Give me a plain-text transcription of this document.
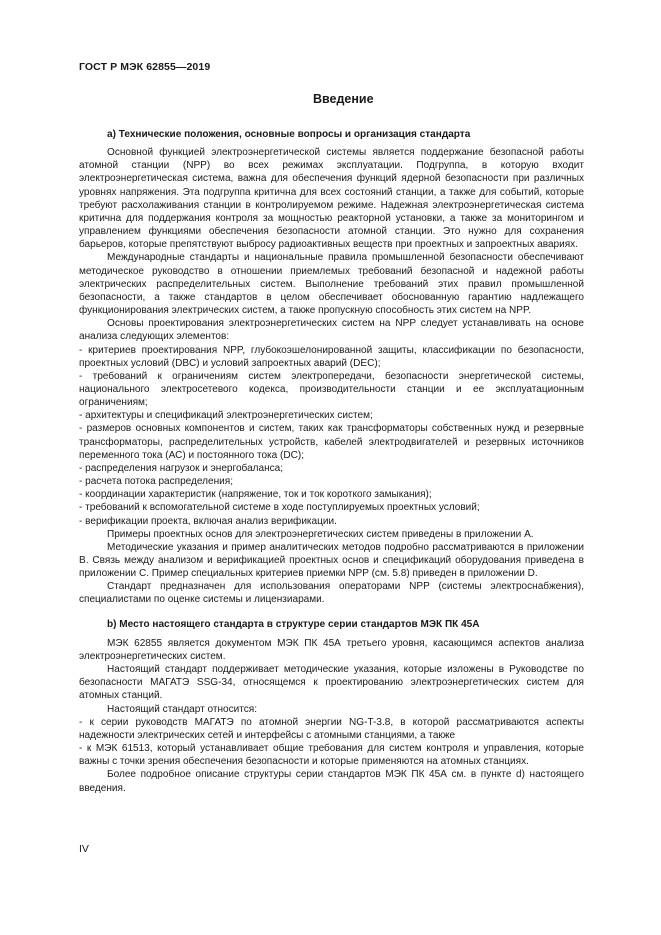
ГОСТ Р МЭК 62855—2019
Введение

а) Технические положения, основные вопросы и организация стандарта

Основной функцией электроэнергетической системы является поддержание безопасной работы атомной станции (NPP) во всех режимах эксплуатации. Подгруппа, в которую входит электроэнергетическая система, важна для обеспечения функций ядерной безопасности при различных уровнях напряжения. Эта подгруппа критична для всех состояний станции, а также для событий, которые требуют расхолаживания станции в контролируемом режиме. Надежная электроэнергетическая система критична для поддержания контроля за мощностью реакторной установки, а также за мониторингом и управлением функциями обеспечения безопасности атомной станции. Это нужно для сохранения барьеров, которые препятствуют выбросу радиоактивных веществ при проектных и запроектных авариях.

Международные стандарты и национальные правила промышленной безопасности обеспечивают методическое руководство в отношении приемлемых требований безопасной и надежной работы электрических распределительных систем. Выполнение требований этих правил промышленной безопасности, а также стандартов в целом обеспечивает обоснованную гарантию надлежащего функционирования электрических систем, а также пропускную способность этих систем на NPP.

Основы проектирования электроэнергетических систем на NPP следует устанавливать на основе анализа следующих элементов:

- критериев проектирования NPP, глубокоэшелонированной защиты, классификации по безопасности, проектных условий (DBC) и условий запроектных аварий (DEC);

- требований к ограничениям систем электропередачи, безопасности энергетической системы, национального электросетевого кодекса, производительности станции и ее эксплуатационным ограничениям;

- архитектуры и спецификаций электроэнергетических систем;

- размеров основных компонентов и систем, таких как трансформаторы собственных нужд и резервные трансформаторы, распределительных устройств, кабелей электродвигателей и резервных источников переменного тока (АС) и постоянного тока (DC);

- распределения нагрузок и энергобаланса;

- расчета потока распределения;

- координации характеристик (напряжение, ток и ток короткого замыкания);

- требований к вспомогательной системе в ходе поступлируемых проектных условий;

- верификации проекта, включая анализ верификации.

Примеры проектных основ для электроэнергетических систем приведены в приложении А.

Методические указания и пример аналитических методов подробно рассматриваются в приложении В. Связь между анализом и верификацией проектных основ и спецификаций оборудования приведена в приложении С. Пример специальных критериев приемки NPP (см. 5.8) приведен в приложении D.

Стандарт предназначен для использования операторами NPP (системы электроснабжения), специалистами по оценке системы и лицензиарами.

b) Место настоящего стандарта в структуре серии стандартов МЭК ПК 45А

МЭК 62855 является документом МЭК ПК 45А третьего уровня, касающимся аспектов анализа электроэнергетических систем.

Настоящий стандарт поддерживает методические указания, которые изложены в Руководстве по безопасности МАГАТЭ SSG-34, относящемся к проектированию электроэнергетических систем для атомных станций.

Настоящий стандарт относится:

- к серии руководств МАГАТЭ по атомной энергии NG-T-3.8, в которой рассматриваются аспекты надежности электрических сетей и интерфейсы с атомными станциями, а также

- к МЭК 61513, который устанавливает общие требования для систем контроля и управления, которые важны с точки зрения обеспечения безопасности и которые применяются на атомных станциях.

Более подробное описание структуры серии стандартов МЭК ПК 45А см. в пункте d) настоящего введения.

IV
